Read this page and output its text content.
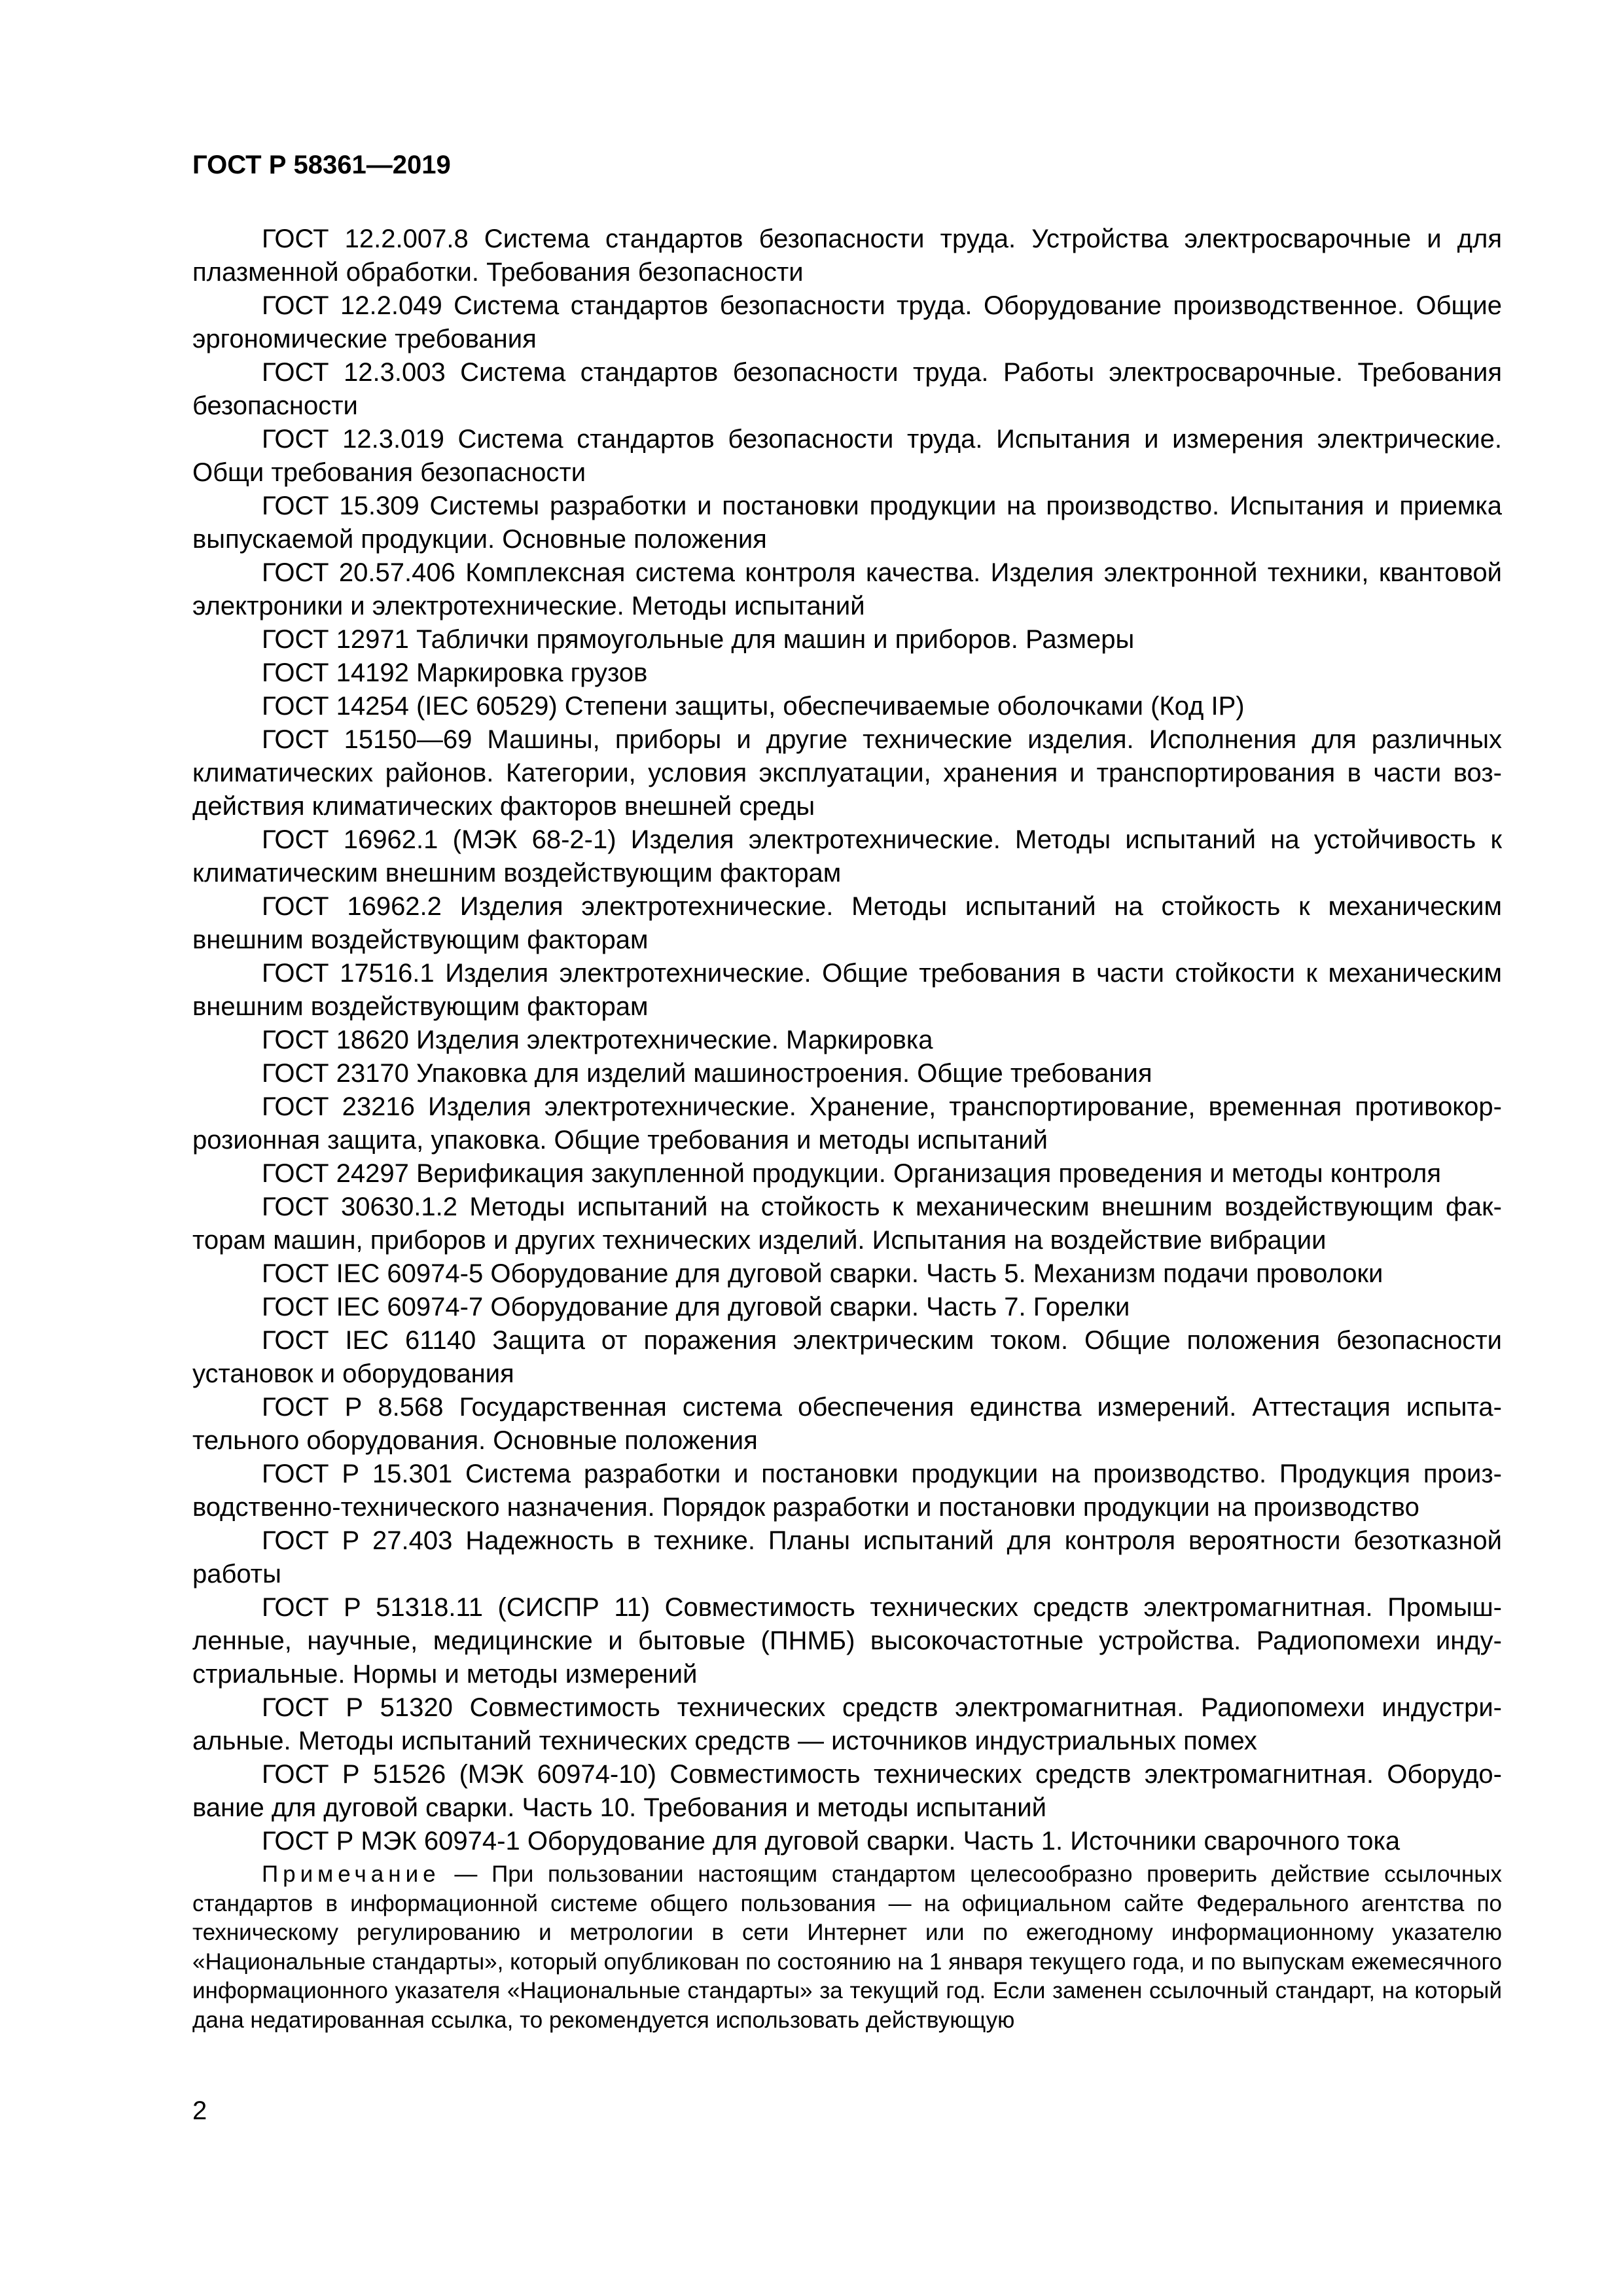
ГОСТ Р 58361—2019

ГОСТ 12.2.007.8 Система стандартов безопасности труда. Устройства электросварочные и для плазменной обработки. Требования безопасности

ГОСТ 12.2.049 Система стандартов безопасности труда. Оборудование производственное. Общие эргономические требования

ГОСТ 12.3.003 Система стандартов безопасности труда. Работы электросварочные. Требования безопасности

ГОСТ 12.3.019 Система стандартов безопасности труда. Испытания и измерения электрические. Общи требования безопасности

ГОСТ 15.309 Системы разработки и постановки продукции на производство. Испытания и приемка выпускаемой продукции. Основные положения

ГОСТ 20.57.406 Комплексная система контроля качества. Изделия электронной техники, квантовой электроники и электротехнические. Методы испытаний

ГОСТ 12971 Таблички прямоугольные для машин и приборов. Размеры

ГОСТ 14192 Маркировка грузов

ГОСТ 14254 (IEC 60529) Степени защиты, обеспечиваемые оболочками (Код IP)

ГОСТ 15150—69 Машины, приборы и другие технические изделия. Исполнения для различных климатических районов. Категории, условия эксплуатации, хранения и транспортирования в части воздействия климатических факторов внешней среды

ГОСТ 16962.1 (МЭК 68-2-1) Изделия электротехнические. Методы испытаний на устойчивость к климатическим внешним воздействующим факторам

ГОСТ 16962.2 Изделия электротехнические. Методы испытаний на стойкость к механическим внешним воздействующим факторам

ГОСТ 17516.1 Изделия электротехнические. Общие требования в части стойкости к механическим внешним воздействующим факторам

ГОСТ 18620 Изделия электротехнические. Маркировка

ГОСТ 23170 Упаковка для изделий машиностроения. Общие требования

ГОСТ 23216 Изделия электротехнические. Хранение, транспортирование, временная противокоррозионная защита, упаковка. Общие требования и методы испытаний

ГОСТ 24297 Верификация закупленной продукции. Организация проведения и методы контроля

ГОСТ 30630.1.2 Методы испытаний на стойкость к механическим внешним воздействующим факторам машин, приборов и других технических изделий. Испытания на воздействие вибрации

ГОСТ IEC 60974-5 Оборудование для дуговой сварки. Часть 5. Механизм подачи проволоки

ГОСТ IEC 60974-7 Оборудование для дуговой сварки. Часть 7. Горелки

ГОСТ IEC 61140 Защита от поражения электрическим током. Общие положения безопасности установок и оборудования

ГОСТ Р 8.568 Государственная система обеспечения единства измерений. Аттестация испытательного оборудования. Основные положения

ГОСТ Р 15.301 Система разработки и постановки продукции на производство. Продукция производственно-технического назначения. Порядок разработки и постановки продукции на производство

ГОСТ Р 27.403 Надежность в технике. Планы испытаний для контроля вероятности безотказной работы

ГОСТ Р 51318.11 (СИСПР 11) Совместимость технических средств электромагнитная. Промышленные, научные, медицинские и бытовые (ПНМБ) высокочастотные устройства. Радиопомехи индустриальные. Нормы и методы измерений

ГОСТ Р 51320 Совместимость технических средств электромагнитная. Радиопомехи индустриальные. Методы испытаний технических средств — источников индустриальных помех

ГОСТ Р 51526 (МЭК 60974-10) Совместимость технических средств электромагнитная. Оборудование для дуговой сварки. Часть 10. Требования и методы испытаний

ГОСТ Р МЭК 60974-1 Оборудование для дуговой сварки. Часть 1. Источники сварочного тока

Примечание — При пользовании настоящим стандартом целесообразно проверить действие ссылочных стандартов в информационной системе общего пользования — на официальном сайте Федерального агентства по техническому регулированию и метрологии в сети Интернет или по ежегодному информационному указателю «Национальные стандарты», который опубликован по состоянию на 1 января текущего года, и по выпускам ежемесячного информационного указателя «Национальные стандарты» за текущий год. Если заменен ссылочный стандарт, на который дана недатированная ссылка, то рекомендуется использовать действующую

2
